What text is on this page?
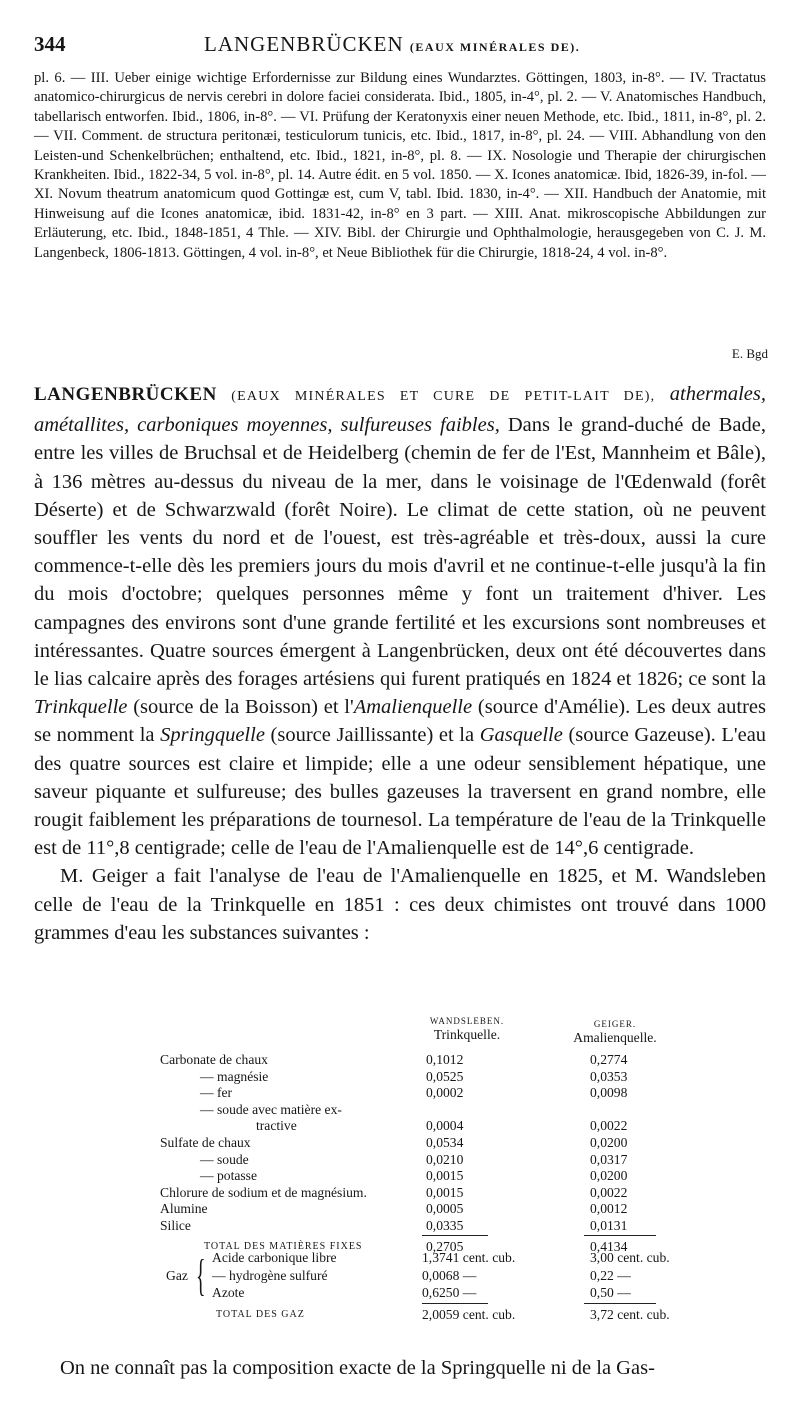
344	LANGENBRÜCKEN (EAUX MINÉRALES DE).
pl. 6. — III. Ueber einige wichtige Erfordernisse zur Bildung eines Wundarztes. Göttingen, 1803, in-8°. — IV. Tractatus anatomico-chirurgicus de nervis cerebri in dolore faciei considerata. Ibid., 1805, in-4°, pl. 2. — V. Anatomisches Handbuch, tabellarisch entworfen. Ibid., 1806, in-8°. — VI. Prüfung der Keratonyxis einer neuen Methode, etc. Ibid., 1811, in-8°, pl. 2. — VII. Comment. de structura peritonæi, testiculorum tunicis, etc. Ibid., 1817, in-8°, pl. 24. — VIII. Abhandlung von den Leisten-und Schenkelbrüchen; enthaltend, etc. Ibid., 1821, in-8°, pl. 8. — IX. Nosologie und Therapie der chirurgischen Krankheiten. Ibid., 1822-34, 5 vol. in-8°, pl. 14. Autre édit. en 5 vol. 1850. — X. Icones anatomicæ. Ibid, 1826-39, in-fol. — XI. Novum theatrum anatomicum quod Gottingæ est, cum V, tabl. Ibid. 1830, in-4°. — XII. Handbuch der Anatomie, mit Hinweisung auf die Icones anatomicæ, ibid. 1831-42, in-8° en 3 part. — XIII. Anat. mikroscopische Abbildungen zur Erläuterung, etc. Ibid., 1848-1851, 4 Thle. — XIV. Bibl. der Chirurgie und Ophthalmologie, herausgegeben von C. J. M. Langenbeck, 1806-1813. Göttingen, 4 vol. in-8°, et Neue Bibliothek für die Chirurgie, 1818-24, 4 vol. in-8°.
E. Bgd

LANGENBRÜCKEN (EAUX MINÉRALES ET CURE DE PETIT-LAIT DE), athermales, amétallites, carboniques moyennes, sulfureuses faibles, Dans le grand-duché de Bade, entre les villes de Bruchsal et de Heidelberg (chemin de fer de l'Est, Mannheim et Bâle), à 136 mètres au-dessus du niveau de la mer, dans le voisinage de l'Œdenwald (forêt Déserte) et de Schwarzwald (forêt Noire). Le climat de cette station, où ne peuvent souffler les vents du nord et de l'ouest, est très-agréable et très-doux, aussi la cure commence-t-elle dès les premiers jours du mois d'avril et ne continue-t-elle jusqu'à la fin du mois d'octobre; quelques personnes même y font un traitement d'hiver. Les campagnes des environs sont d'une grande fertilité et les excursions sont nombreuses et intéressantes. Quatre sources émergent à Langenbrücken, deux ont été découvertes dans le lias calcaire après des forages artésiens qui furent pratiqués en 1824 et 1826; ce sont la Trinkquelle (source de la Boisson) et l'Amalienquelle (source d'Amélie). Les deux autres se nomment la Springquelle (source Jaillissante) et la Gasquelle (source Gazeuse). L'eau des quatre sources est claire et limpide; elle a une odeur sensiblement hépatique, une saveur piquante et sulfureuse; des bulles gazeuses la traversent en grand nombre, elle rougit faiblement les préparations de tournesol. La température de l'eau de la Trinkquelle est de 11°,8 centigrade; celle de l'eau de l'Amalienquelle est de 14°,6 centigrade.

M. Geiger a fait l'analyse de l'eau de l'Amalienquelle en 1825, et M. Wandsleben celle de l'eau de la Trinkquelle en 1851 : ces deux chimistes ont trouvé dans 1000 grammes d'eau les substances suivantes :

WANDSLEBEN.
Trinkquelle.
GEIGER.
Amalienquelle.
Carbonate de chaux	0,1012	0,2774
— magnésie	0,0525	0,0353
— fer	0,0002	0,0098
— soude avec matière ex-
tractive	0,0004	0,0022
Sulfate de chaux	0,0534	0,0200
— soude	0,0210	0,0317
— potasse	0,0015	0,0200
Chlorure de sodium et de magnésium.	0,0015	0,0022
Alumine	0,0005	0,0012
Silice	0,0335	0,0131
TOTAL DES MATIÈRES FIXES	0,2705	0,4134
Gaz { Acide carbonique libre	1,3741 cent. cub.	3,00 cent. cub.
— hydrogène sulfuré	0,0068 —	0,22 —
Azote	0,6250 —	0,50 —
TOTAL DES GAZ	2,0059 cent. cub.	3,72 cent. cub.
On ne connaît pas la composition exacte de la Springquelle ni de la Gas-
